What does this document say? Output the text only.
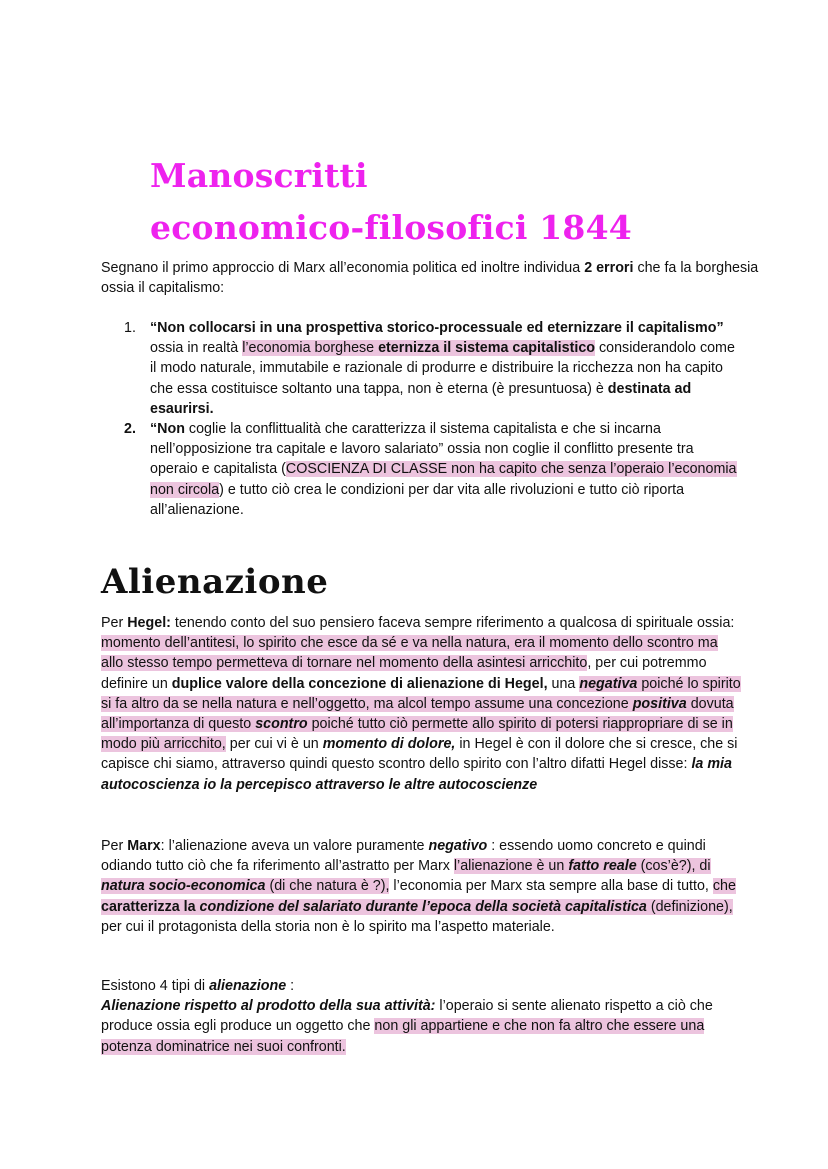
Manoscritti
economico-filosofici 1844

Segnano il primo approccio di Marx all’economia politica ed inoltre individua 2 errori che fa la borghesia ossia il capitalismo:

1. “Non collocarsi in una prospettiva storico-processuale ed eternizzare il capitalismo” ossia in realtà l’economia borghese eternizza il sistema capitalistico considerandolo come il modo naturale, immutabile e razionale di produrre e distribuire la ricchezza non ha capito che essa costituisce soltanto una tappa, non è eterna (è presuntuosa) è destinata ad esaurirsi.
2. “Non coglie la conflittualità che caratterizza il sistema capitalista e che si incarna nell’opposizione tra capitale e lavoro salariato” ossia non coglie il conflitto presente tra operaio e capitalista (COSCIENZA DI CLASSE non ha capito che senza l’operaio l’economia non circola) e tutto ciò crea le condizioni per dar vita alle rivoluzioni e tutto ciò riporta all’alienazione.
Alienazione

Per Hegel: tenendo conto del suo pensiero faceva sempre riferimento a qualcosa di spirituale ossia: momento dell’antitesi, lo spirito che esce da sé e va nella natura, era il momento dello scontro ma allo stesso tempo permetteva di tornare nel momento della asintesi arricchito, per cui potremmo definire un duplice valore della concezione di alienazione di Hegel, una negativa poiché lo spirito si fa altro da se nella natura e nell’oggetto, ma alcol tempo assume una concezione positiva dovuta all’importanza di questo scontro poiché tutto ciò permette allo spirito di potersi riappropriare di se in modo più arricchito, per cui vi è un momento di dolore, in Hegel è con il dolore che si cresce, che si capisce chi siamo, attraverso quindi questo scontro dello spirito con l’altro difatti Hegel disse: la mia autocoscienza io la percepisco attraverso le altre autocoscienze

Per Marx: l’alienazione aveva un valore puramente negativo : essendo uomo concreto e quindi odiando tutto ciò che fa riferimento all’astratto per Marx l’alienazione è un fatto reale (cos’è?), di natura socio-economica (di che natura è ?), l’economia per Marx sta sempre alla base di tutto, che caratterizza la condizione del salariato durante l’epoca della società capitalistica (definizione), per cui il protagonista della storia non è lo spirito ma l’aspetto materiale.

Esistono 4 tipi di alienazione :
Alienazione rispetto al prodotto della sua attività: l’operaio si sente alienato rispetto a ciò che produce ossia egli produce un oggetto che non gli appartiene e che non fa altro che essere una potenza dominatrice nei suoi confronti.
